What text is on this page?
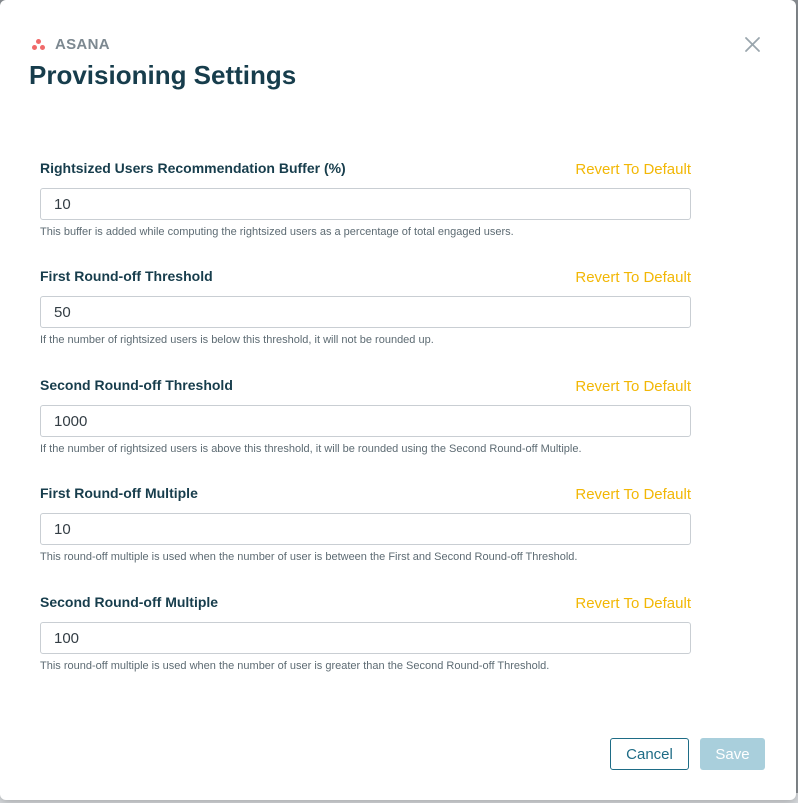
ASANA
Provisioning Settings
Rightsized Users Recommendation Buffer (%)	Revert To Default
10
This buffer is added while computing the rightsized users as a percentage of total engaged users.
First Round-off Threshold	Revert To Default
50
If the number of rightsized users is below this threshold, it will not be rounded up.
Second Round-off Threshold	Revert To Default
1000
If the number of rightsized users is above this threshold, it will be rounded using the Second Round-off Multiple.
First Round-off Multiple	Revert To Default
10
This round-off multiple is used when the number of user is between the First and Second Round-off Threshold.
Second Round-off Multiple	Revert To Default
100
This round-off multiple is used when the number of user is greater than the Second Round-off Threshold.
Cancel	Save
